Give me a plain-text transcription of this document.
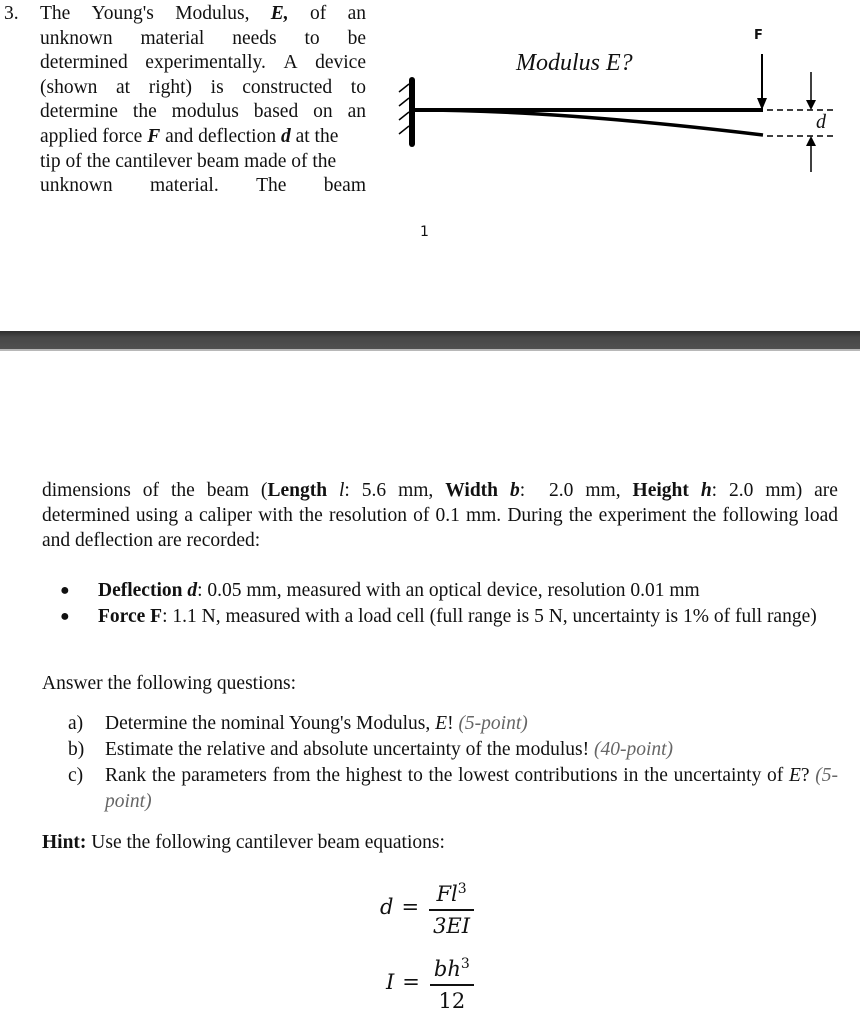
3.	The Young's Modulus, E, of an
unknown material needs to be
determined experimentally. A device
(shown at right) is constructed to
determine the modulus based on an
applied force F and deflection d at the
tip of the cantilever beam made of the
unknown material. The beam
Modulus E?
F
d
1
dimensions of the beam (Length l: 5.6 mm, Width b:  2.0 mm, Height h: 2.0 mm) are
determined using a caliper with the resolution of 0.1 mm. During the experiment the following load and deflection are recorded:
●	Deflection d: 0.05 mm, measured with an optical device, resolution 0.01 mm
●	Force F: 1.1 N, measured with a load cell (full range is 5 N, uncertainty is 1% of full range)
Answer the following questions:
a)	Determine the nominal Young's Modulus, E! (5-point)
b)	Estimate the relative and absolute uncertainty of the modulus! (40-point)
c)	Rank the parameters from the highest to the lowest contributions in the uncertainty of E? (5-point)
Hint: Use the following cantilever beam equations:
$d = \frac{Fl^3}{3EI}$
$I = \frac{bh^3}{12}$
